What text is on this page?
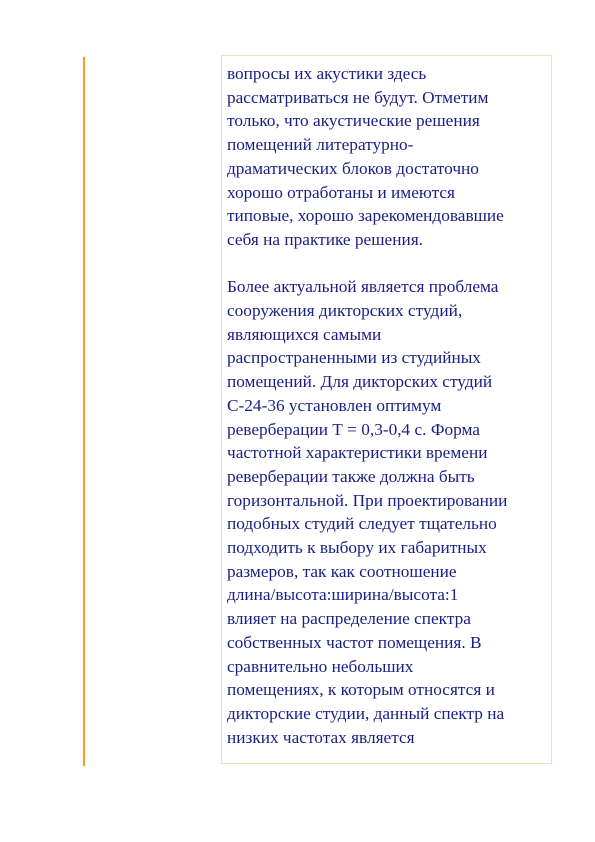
вопросы их акустики здесь
рассматриваться не будут. Отметим
только, что акустические решения
помещений литературно-
драматических блоков достаточно
хорошо отработаны и имеются
типовые, хорошо зарекомендовавшие
себя на практике решения.

Более актуальной является проблема
сооружения дикторских студий,
являющихся самыми
распространенными из студийных
помещений. Для дикторских студий
С-24-36 установлен оптимум
реверберации Т = 0,3-0,4 с. Форма
частотной характеристики времени
реверберации также должна быть
горизонтальной. При проектировании
подобных студий следует тщательно
подходить к выбору их габаритных
размеров, так как соотношение
длина/высота:ширина/высота:1
влияет на распределение спектра
собственных частот помещения. В
сравнительно небольших
помещениях, к которым относятся и
дикторские студии, данный спектр на
низких частотах является
